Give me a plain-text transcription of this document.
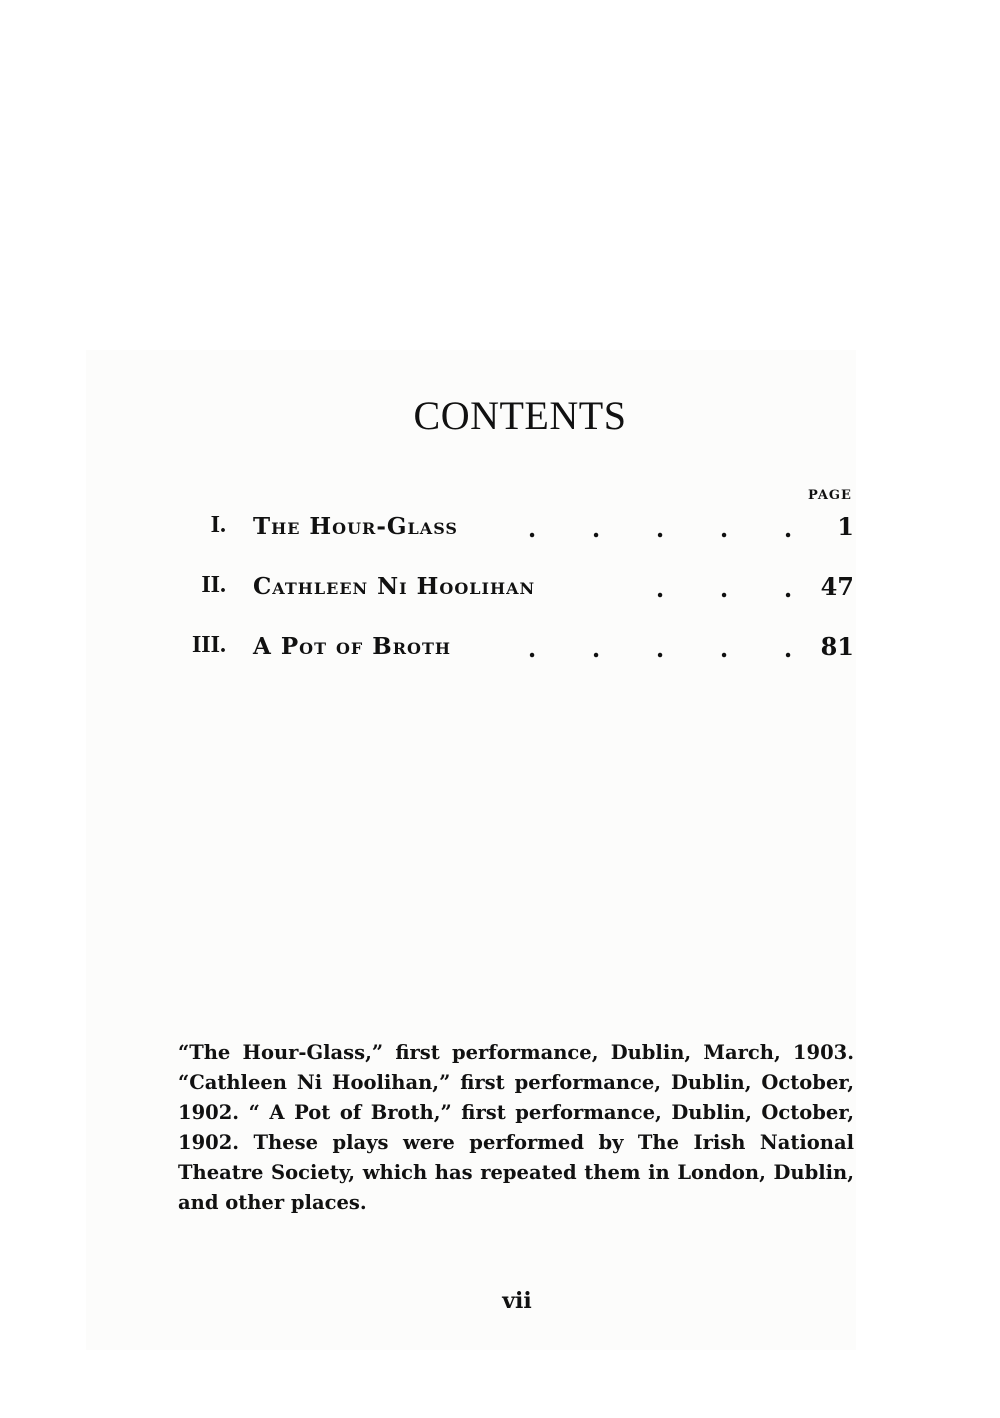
CONTENTS
PAGE
I. The Hour-Glass	. . . . .	1
II. Cathleen Ni Hoolihan	. . .	47
III. A Pot of Broth	. . . . .	81

“The Hour-Glass,” first performance, Dublin, March, 1903. “Cathleen Ni Hoolihan,” first performance, Dublin, October, 1902. “ A Pot of Broth,” first performance, Dublin, October, 1902. These plays were performed by The Irish National Theatre Society, which has repeated them in London, Dublin, and other places.

vii
